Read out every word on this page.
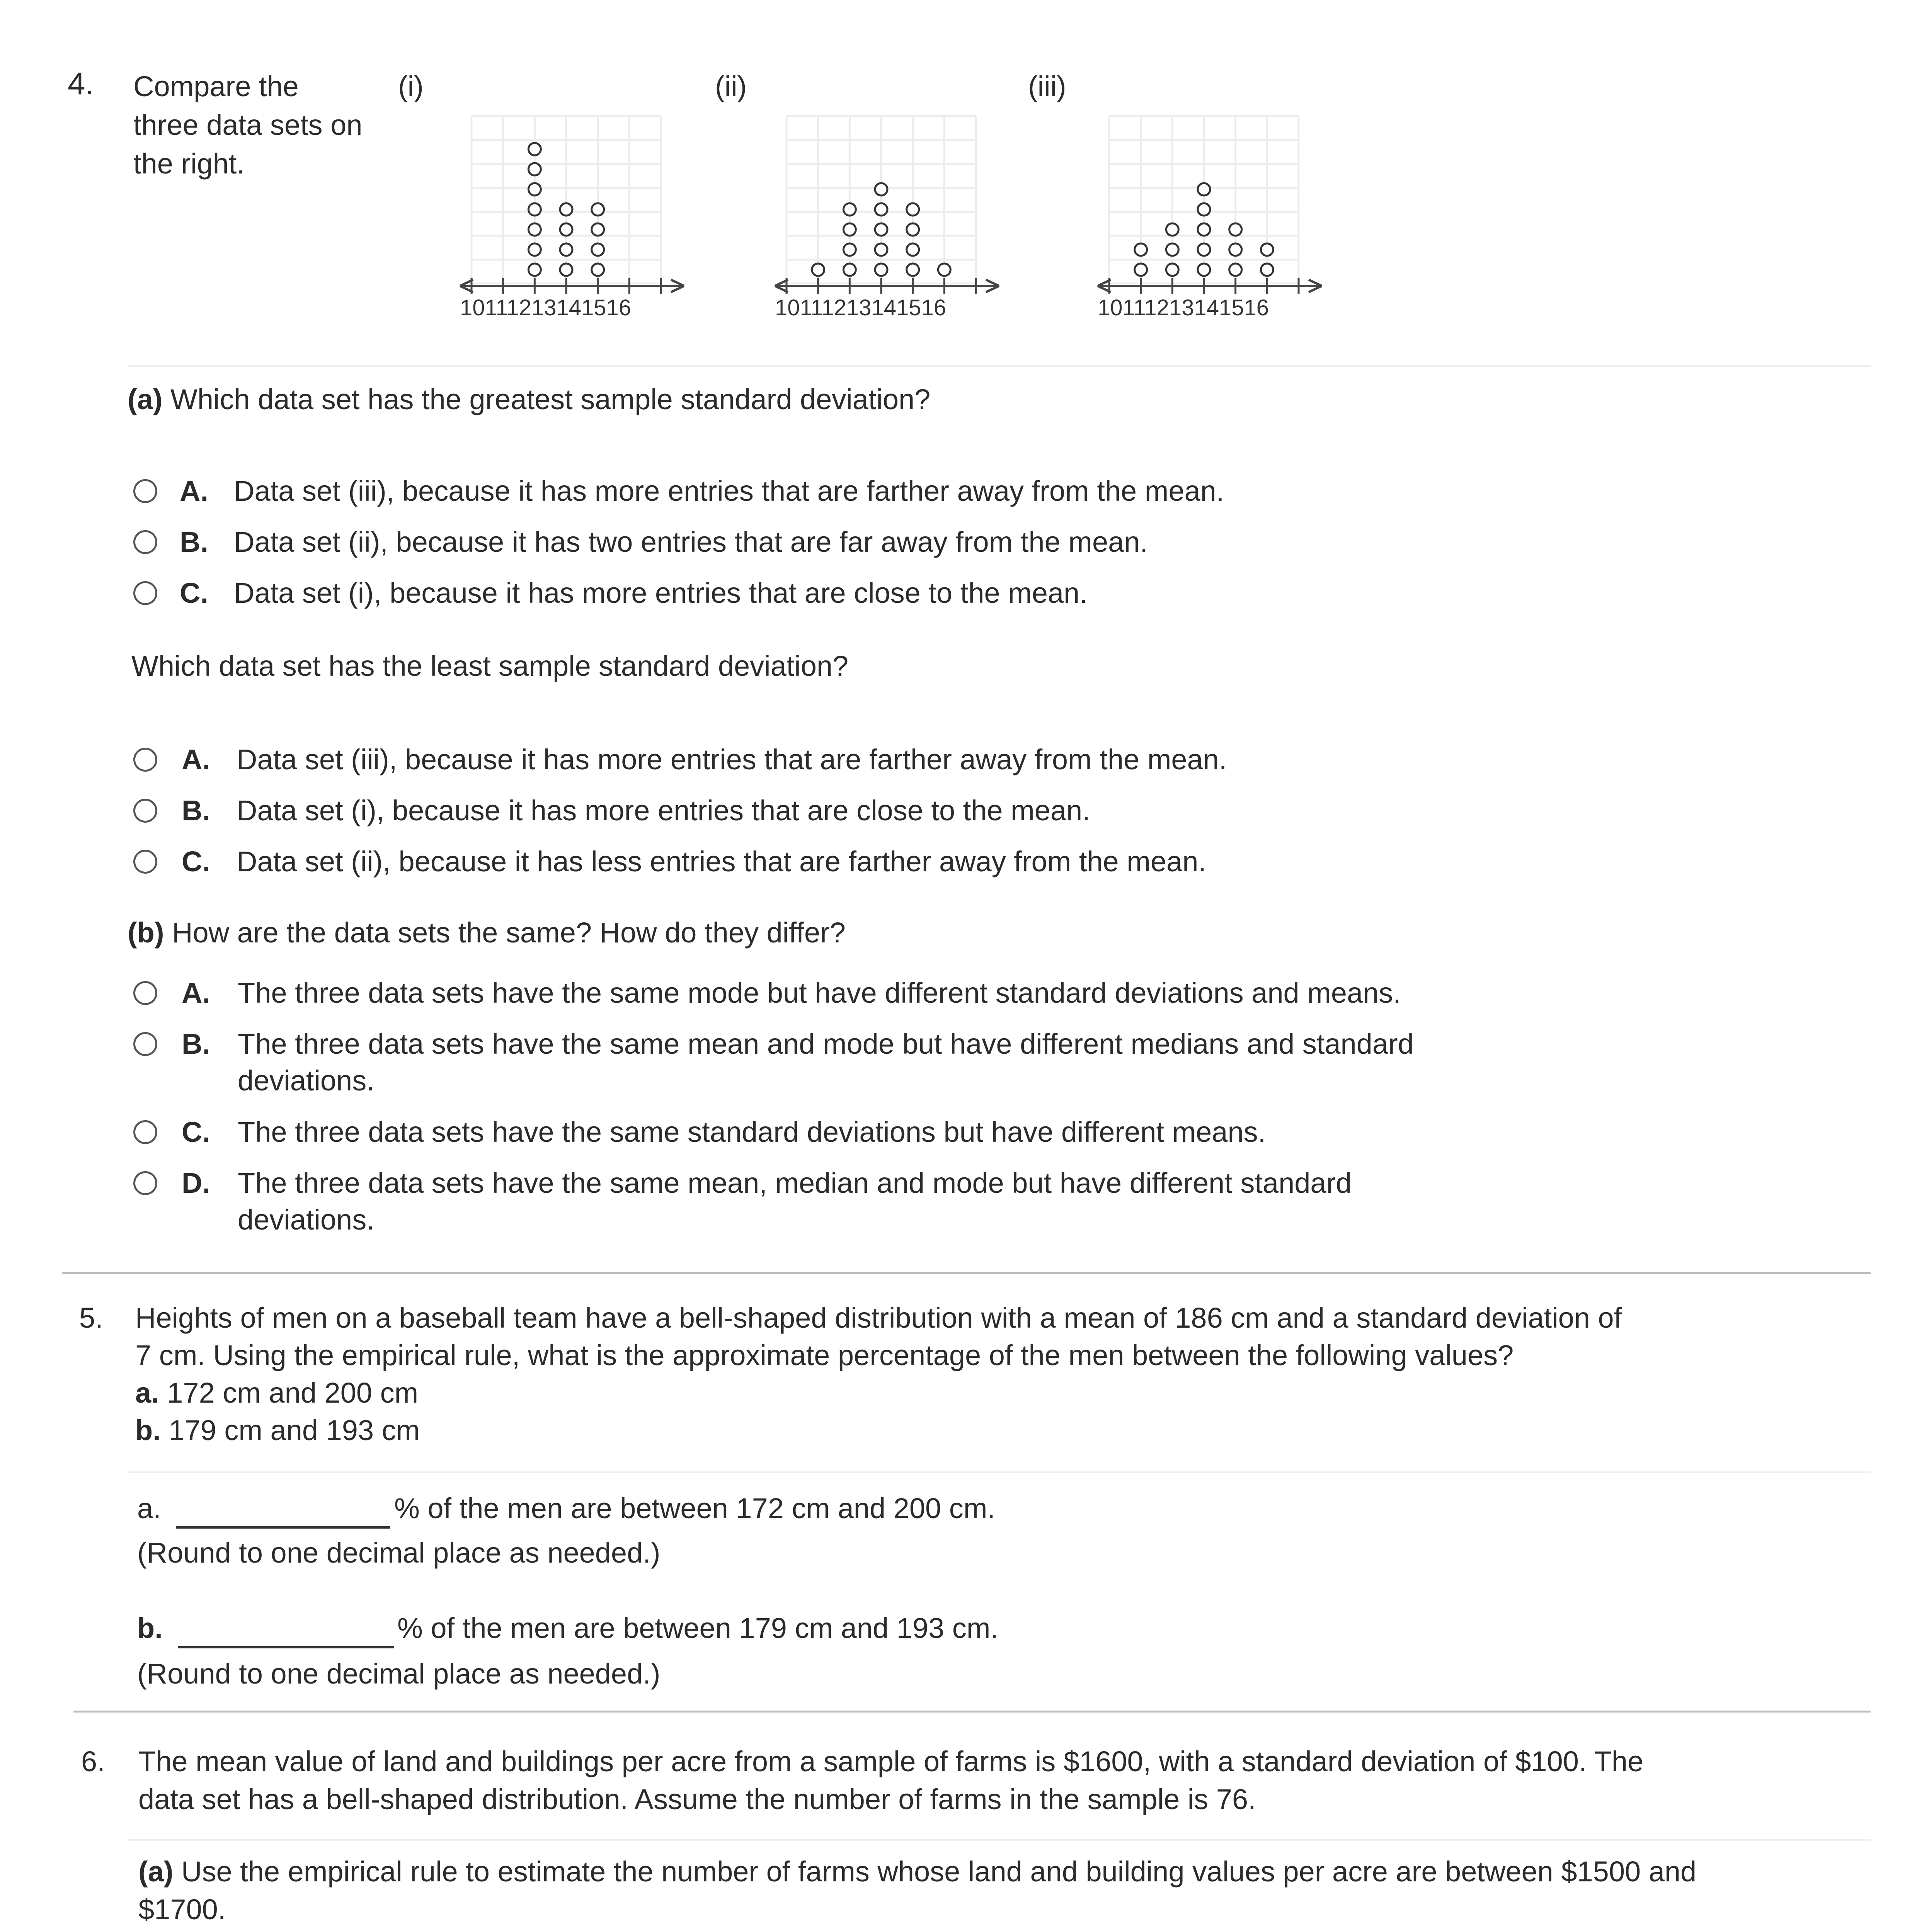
4. Compare the
three data sets on
the right.
(i)	(ii)	(iii)
10111213141516	10111213141516	10111213141516
(a) Which data set has the greatest sample standard deviation?
A. Data set (iii), because it has more entries that are farther away from the mean.
B. Data set (ii), because it has two entries that are far away from the mean.
C. Data set (i), because it has more entries that are close to the mean.
Which data set has the least sample standard deviation?
A. Data set (iii), because it has more entries that are farther away from the mean.
B. Data set (i), because it has more entries that are close to the mean.
C. Data set (ii), because it has less entries that are farther away from the mean.
(b) How are the data sets the same? How do they differ?
A. The three data sets have the same mode but have different standard deviations and means.
B. The three data sets have the same mean and mode but have different medians and standard
deviations.
C. The three data sets have the same standard deviations but have different means.
D. The three data sets have the same mean, median and mode but have different standard
deviations.
5. Heights of men on a baseball team have a bell-shaped distribution with a mean of 186 cm and a standard deviation of
7 cm. Using the empirical rule, what is the approximate percentage of the men between the following values?
a. 172 cm and 200 cm
b. 179 cm and 193 cm
a.	% of the men are between 172 cm and 200 cm.
(Round to one decimal place as needed.)
b.	% of the men are between 179 cm and 193 cm.
(Round to one decimal place as needed.)
6. The mean value of land and buildings per acre from a sample of farms is $1600, with a standard deviation of $100. The
data set has a bell-shaped distribution. Assume the number of farms in the sample is 76.
(a) Use the empirical rule to estimate the number of farms whose land and building values per acre are between $1500 and
$1700.
